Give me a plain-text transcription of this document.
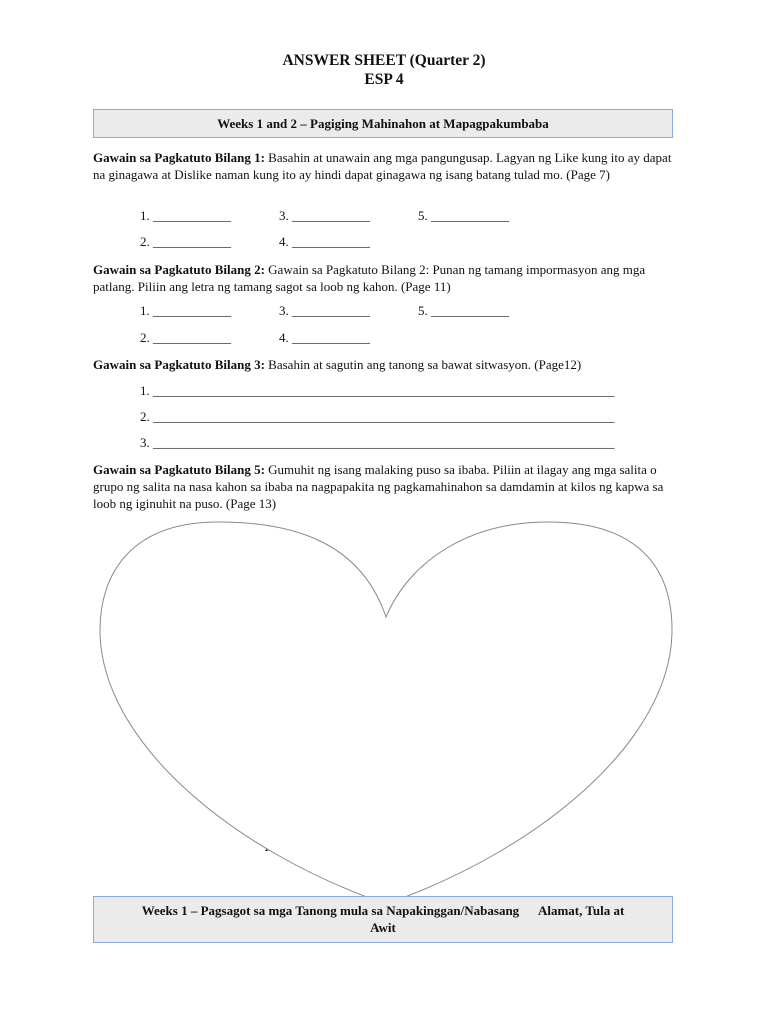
ANSWER SHEET (Quarter 2)
ESP 4
Weeks 1 and 2 – Pagiging Mahinahon at Mapagpakumbaba
Gawain sa Pagkatuto Bilang 1: Basahin at unawain ang mga pangungusap. Lagyan ng Like kung ito ay dapat na ginagawa at Dislike naman kung ito ay hindi dapat ginagawa ng isang batang tulad mo. (Page 7)
1. ____________	3. ____________	5. ____________
2. ____________	4. ____________
Gawain sa Pagkatuto Bilang 2: Gawain sa Pagkatuto Bilang 2: Punan ng tamang impormasyon ang mga patlang. Piliin ang letra ng tamang sagot sa loob ng kahon. (Page 11)
1. ____________	3. ____________	5. ____________
2. ____________	4. ____________
Gawain sa Pagkatuto Bilang 3: Basahin at sagutin ang tanong sa bawat sitwasyon. (Page12)
1. _______________________________________________________________________
2. _______________________________________________________________________
3. _______________________________________________________________________
Gawain sa Pagkatuto Bilang 5: Gumuhit ng isang malaking puso sa ibaba. Piliin at ilagay ang mga salita o grupo ng salita na nasa kahon sa ibaba na nagpapakita ng pagkamahinahon sa damdamin at kilos ng kapwa sa loob ng iginuhit na puso. (Page 13)
Weeks 1 – Pagsagot sa mga Tanong mula sa Napakinggan/Nabasang      Alamat, Tula at
Awit
